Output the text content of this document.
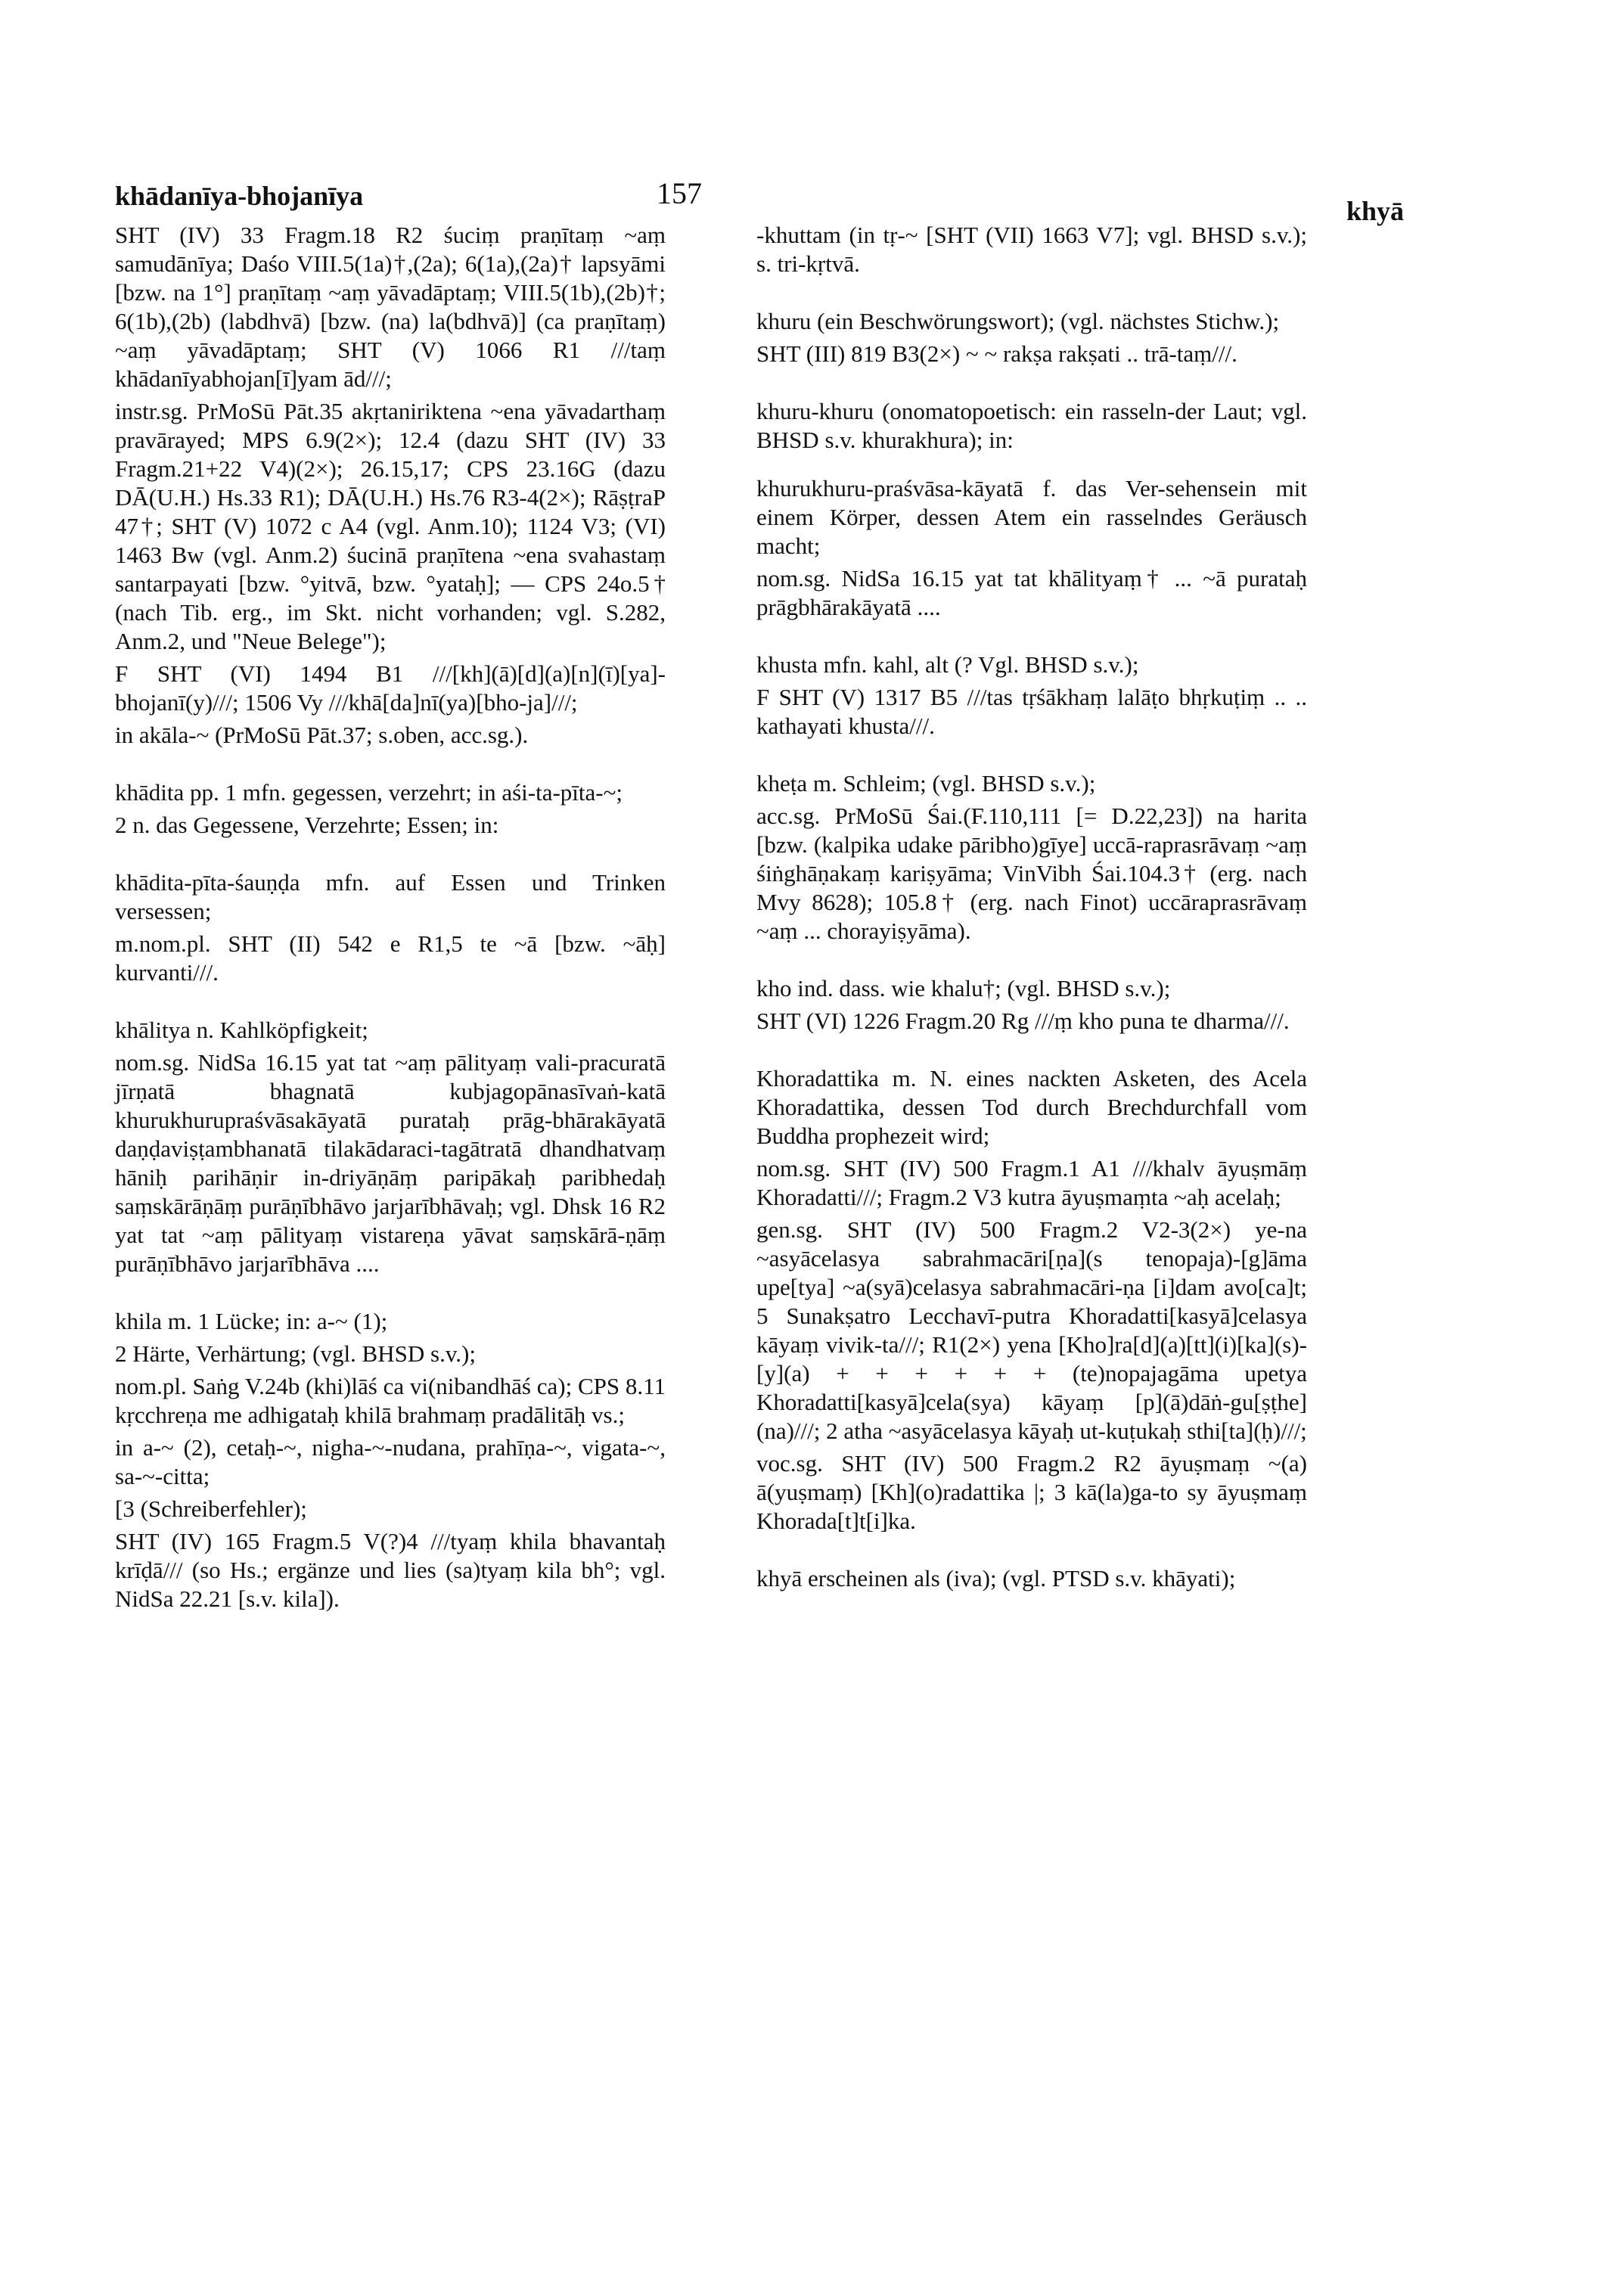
khādanīya-bhojanīya	157
khyā

SHT (IV) 33 Fragm.18 R2 śuciṃ praṇītaṃ ~aṃ samudānīya; Daśo VIII.5(1a)†,(2a); 6(1a),(2a)† lapsyāmi [bzw. na 1°] praṇītaṃ ~aṃ yāvadāptaṃ; VIII.5(1b),(2b)†; 6(1b),(2b) (labdhvā) [bzw. (na) la(bdhvā)] (ca praṇītaṃ) ~aṃ yāvadāptaṃ; SHT (V) 1066 R1 ///taṃ khādanīyabhojan[ī]yam ād///;

instr.sg. PrMoSū Pāt.35 akṛtaniriktena ~ena yāvadarthaṃ pravārayed; MPS 6.9(2×); 12.4 (dazu SHT (IV) 33 Fragm.21+22 V4)(2×); 26.15,17; CPS 23.16G (dazu DĀ(U.H.) Hs.33 R1); DĀ(U.H.) Hs.76 R3-4(2×); RāṣṭraP 47†; SHT (V) 1072 c A4 (vgl. Anm.10); 1124 V3; (VI) 1463 Bw (vgl. Anm.2) śucinā praṇītena ~ena svahastaṃ santarpayati [bzw. °yitvā, bzw. °yataḥ]; — CPS 24o.5† (nach Tib. erg., im Skt. nicht vorhanden; vgl. S.282, Anm.2, und "Neue Belege");

F SHT (VI) 1494 B1 ///[kh](ā)[d](a)[n](ī)[ya]-bhojanī(y)///; 1506 Vy ///khā[da]nī(ya)[bho-ja]///;

in akāla-~ (PrMoSū Pāt.37; s.oben, acc.sg.).

khādita pp. 1 mfn. gegessen, verzehrt; in aśi-ta-pīta-~;

2 n. das Gegessene, Verzehrte; Essen; in:

khādita-pīta-śauṇḍa mfn. auf Essen und Trinken versessen;

m.nom.pl. SHT (II) 542 e R1,5 te ~ā [bzw. ~āḥ] kurvanti///.

khālitya n. Kahlköpfigkeit;

nom.sg. NidSa 16.15 yat tat ~aṃ pālityaṃ vali-pracuratā jīrṇatā bhagnatā kubjagopānasīvaṅ-katā khurukhurupraśvāsakāyatā purataḥ prāg-bhārakāyatā daṇḍaviṣṭambhanatā tilakādaraci-tagātratā dhandhatvaṃ hāniḥ parihāṇir in-driyāṇāṃ paripākaḥ paribhedaḥ saṃskārāṇāṃ purāṇībhāvo jarjarībhāvaḥ; vgl. Dhsk 16 R2 yat tat ~aṃ pālityaṃ vistareṇa yāvat saṃskārā-ṇāṃ purāṇībhāvo jarjarībhāva ....

khila m. 1 Lücke; in: a-~ (1);

2 Härte, Verhärtung; (vgl. BHSD s.v.);

nom.pl. Saṅg V.24b (khi)lāś ca vi(nibandhāś ca); CPS 8.11 kṛcchreṇa me adhigataḥ khilā brahmaṃ pradālitāḥ vs.;

in a-~ (2), cetaḥ-~, nigha-~-nudana, prahīṇa-~, vigata-~, sa-~-citta;

[3 (Schreiberfehler);

SHT (IV) 165 Fragm.5 V(?)4 ///tyaṃ khila bhavantaḥ krīḍā/// (so Hs.; ergänze und lies (sa)tyaṃ kila bh°; vgl. NidSa 22.21 [s.v. kila]).

-khuttam (in tṛ-~ [SHT (VII) 1663 V7]; vgl. BHSD s.v.); s. tri-kṛtvā.

khuru (ein Beschwörungswort); (vgl. nächstes Stichw.);

SHT (III) 819 B3(2×) ~ ~ rakṣa rakṣati .. trā-taṃ///.

khuru-khuru (onomatopoetisch: ein rasseln-der Laut; vgl. BHSD s.v. khurakhura); in:

khurukhuru-praśvāsa-kāyatā f. das Ver-sehensein mit einem Körper, dessen Atem ein rasselndes Geräusch macht;

nom.sg. NidSa 16.15 yat tat khālityaṃ† ... ~ā purataḥ prāgbhārakāyatā ....

khusta mfn. kahl, alt (? Vgl. BHSD s.v.);

F SHT (V) 1317 B5 ///tas tṛśākhaṃ lalāṭo bhṛkuṭiṃ .. .. kathayati khusta///.

kheṭa m. Schleim; (vgl. BHSD s.v.);

acc.sg. PrMoSū Śai.(F.110,111 [= D.22,23]) na harita [bzw. (kalpika udake pāribho)gīye] uccā-raprasrāvaṃ ~aṃ śiṅghāṇakaṃ kariṣyāma; VinVibh Śai.104.3† (erg. nach Mvy 8628); 105.8† (erg. nach Finot) uccāraprasrāvaṃ ~aṃ ... chorayiṣyāma).

kho ind. dass. wie khalu†; (vgl. BHSD s.v.);

SHT (VI) 1226 Fragm.20 Rg ///ṃ kho puna te dharma///.

Khoradattika m. N. eines nackten Asketen, des Acela Khoradattika, dessen Tod durch Brechdurchfall vom Buddha prophezeit wird;

nom.sg. SHT (IV) 500 Fragm.1 A1 ///khalv āyuṣmāṃ Khoradatti///; Fragm.2 V3 kutra āyuṣmaṃta ~aḥ acelaḥ;

gen.sg. SHT (IV) 500 Fragm.2 V2-3(2×) ye-na ~asyācelasya sabrahmacāri[ṇa](s tenopaja)-[g]āma upe[tya] ~a(syā)celasya sabrahmacāri-ṇa [i]dam avo[ca]t; 5 Sunakṣatro Lecchavī-putra Khoradatti[kasyā]celasya kāyaṃ vivik-ta///; R1(2×) yena [Kho]ra[d](a)[tt](i)[ka](s)-[y](a) + + + + + + (te)nopajagāma upetya Khoradatti[kasyā]cela(sya) kāyaṃ [p](ā)dāṅ-gu[ṣṭhe](na)///; 2 atha ~asyācelasya kāyaḥ ut-kuṭukaḥ sthi[ta](ḥ)///;

voc.sg. SHT (IV) 500 Fragm.2 R2 āyuṣmaṃ ~(a) ā(yuṣmaṃ) [Kh](o)radattika |; 3 kā(la)ga-to sy āyuṣmaṃ Khorada[t]t[i]ka.

khyā erscheinen als (iva); (vgl. PTSD s.v. khāyati);
